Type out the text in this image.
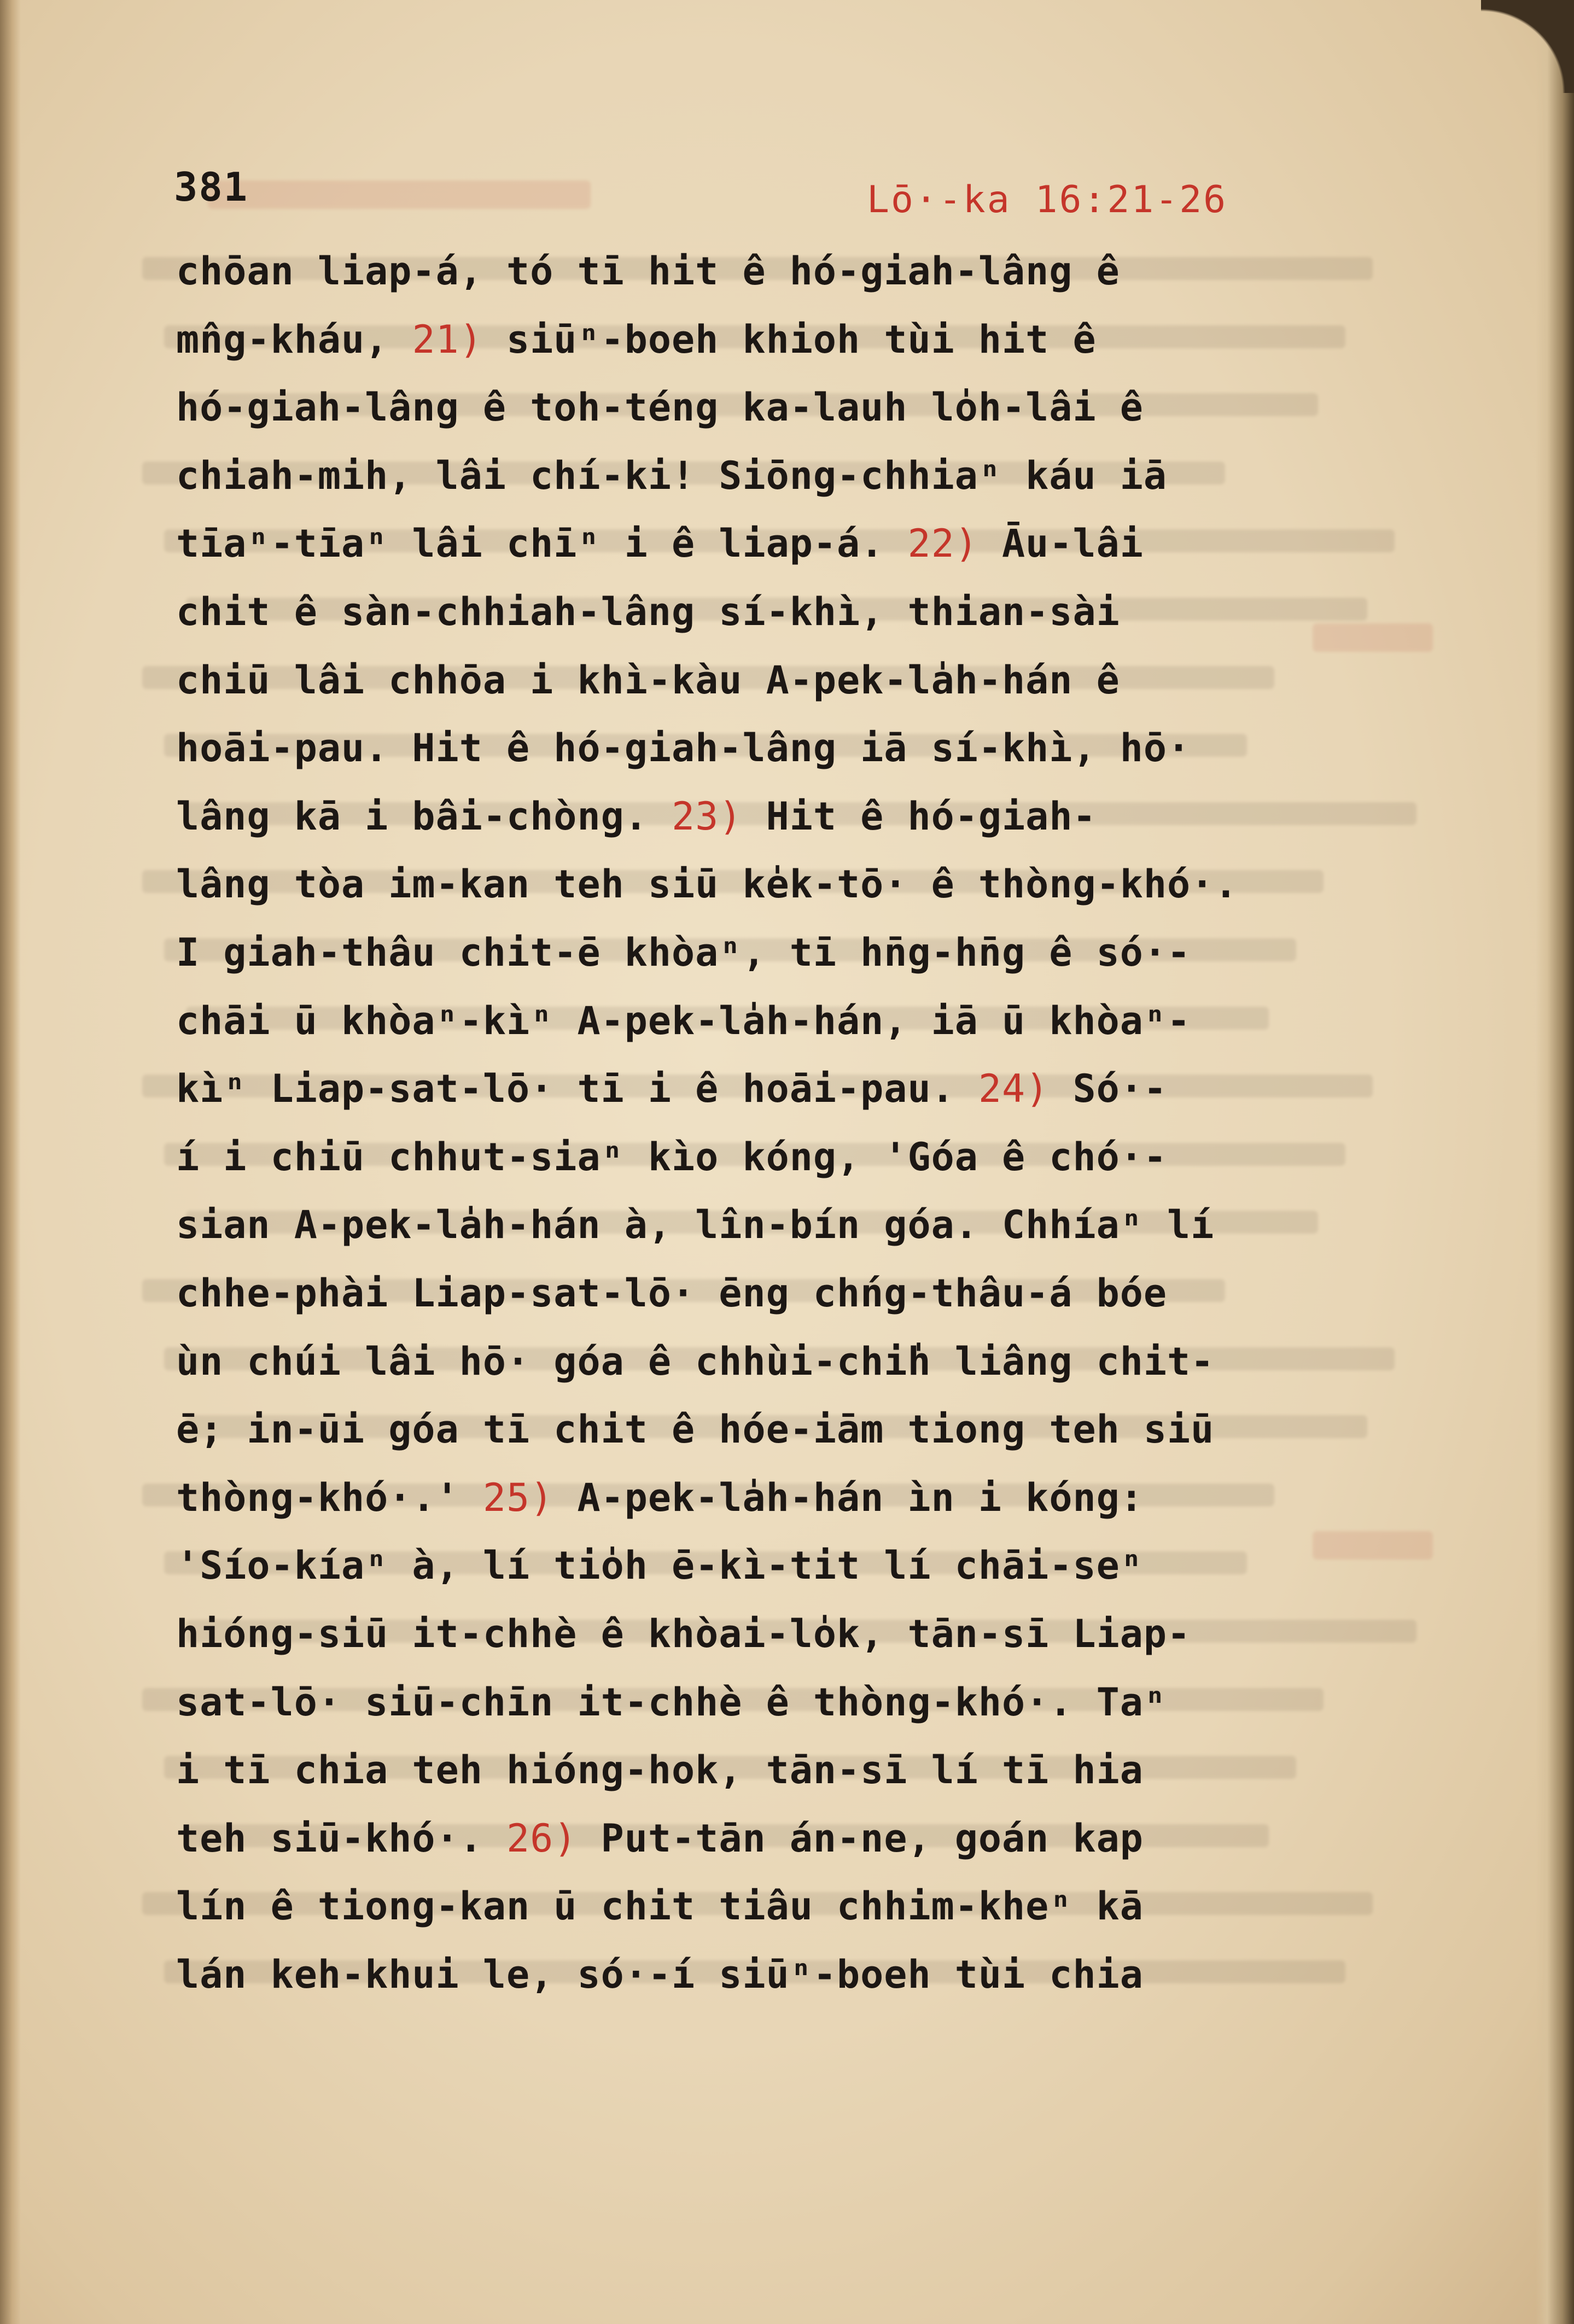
381	Lō·-ka 16:21-26
chōan liap-á, tó tī hit ê hó-giah-lâng ê
mn̂g-kháu, 21) siūⁿ-boeh khioh tùi hit ê
hó-giah-lâng ê toh-téng ka-lauh lo̍h-lâi ê
chiah-mih, lâi chí-ki! Siōng-chhiaⁿ káu iā
tīaⁿ-tīaⁿ lâi chīⁿ i ê liap-á. 22) Āu-lâi
chit ê sàn-chhiah-lâng sí-khì, thian-sài
chiū lâi chhōa i khì-kàu A-pek-la̍h-hán ê
hoāi-pau. Hit ê hó-giah-lâng iā sí-khì, hō·
lâng kā i bâi-chòng. 23) Hit ê hó-giah-
lâng tòa im-kan teh siū ke̍k-tō· ê thòng-khó·.
I giah-thâu chit-ē khòaⁿ, tī hn̄g-hn̄g ê só·-
chāi ū khòaⁿ-kìⁿ A-pek-la̍h-hán, iā ū khòaⁿ-
kìⁿ Liap-sat-lō· tī i ê hoāi-pau. 24) Só·-
í i chiū chhut-siaⁿ kìo kóng, 'Góa ê chó·-
sian A-pek-la̍h-hán à, lîn-bín góa. Chhíaⁿ lí
chhe-phài Liap-sat-lō· ēng chńg-thâu-á bóe
ùn chúi lâi hō· góa ê chhùi-chi̍h liâng chit-
ē; in-ūi góa tī chit ê hóe-iām tiong teh siū
thòng-khó·.' 25) A-pek-la̍h-hán ìn i kóng:
'Sío-kíaⁿ à, lí tio̍h ē-kì-tit lí chāi-seⁿ
hióng-siū it-chhè ê khòai-lo̍k, tān-sī Liap-
sat-lō· siū-chīn it-chhè ê thòng-khó·. Taⁿ
i tī chia teh hióng-hok, tān-sī lí tī hia
teh siū-khó·. 26) Put-tān án-ne, goán kap
lín ê tiong-kan ū chit tiâu chhim-kheⁿ kā
lán keh-khui le, só·-í siūⁿ-boeh tùi chia
